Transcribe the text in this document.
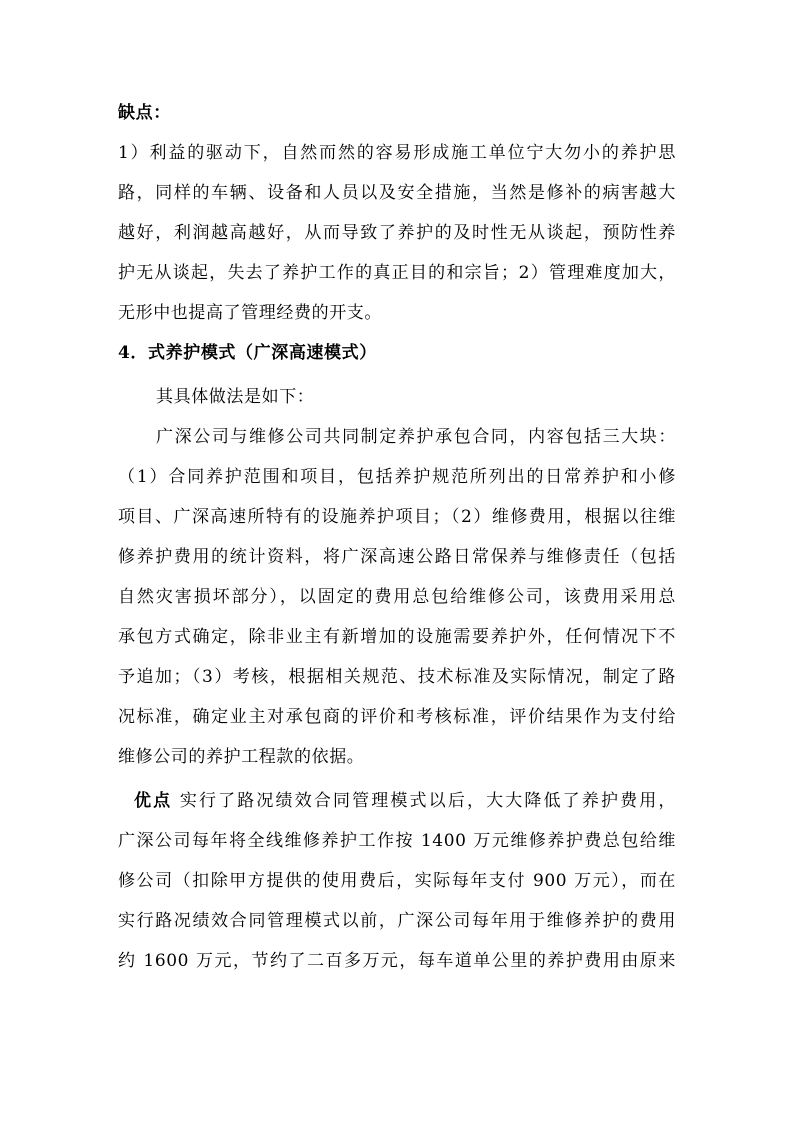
缺点：
1）利益的驱动下，自然而然的容易形成施工单位宁大勿小的养护思
路，同样的车辆、设备和人员以及安全措施，当然是修补的病害越大
越好，利润越高越好，从而导致了养护的及时性无从谈起，预防性养
护无从谈起，失去了养护工作的真正目的和宗旨；2）管理难度加大，
无形中也提高了管理经费的开支。
4．式养护模式（广深高速模式）
其具体做法是如下：
广深公司与维修公司共同制定养护承包合同，内容包括三大块：
（1）合同养护范围和项目，包括养护规范所列出的日常养护和小修
项目、广深高速所特有的设施养护项目；（2）维修费用，根据以往维
修养护费用的统计资料，将广深高速公路日常保养与维修责任（包括
自然灾害损坏部分），以固定的费用总包给维修公司，该费用采用总
承包方式确定，除非业主有新增加的设施需要养护外，任何情况下不
予追加；（3）考核，根据相关规范、技术标准及实际情况，制定了路
况标准，确定业主对承包商的评价和考核标准，评价结果作为支付给
维修公司的养护工程款的依据。
优点 实行了路况绩效合同管理模式以后，大大降低了养护费用，
广深公司每年将全线维修养护工作按 1400 万元维修养护费总包给维
修公司（扣除甲方提供的使用费后，实际每年支付 900 万元），而在
实行路况绩效合同管理模式以前，广深公司每年用于维修养护的费用
约 1600 万元，节约了二百多万元，每车道单公里的养护费用由原来
